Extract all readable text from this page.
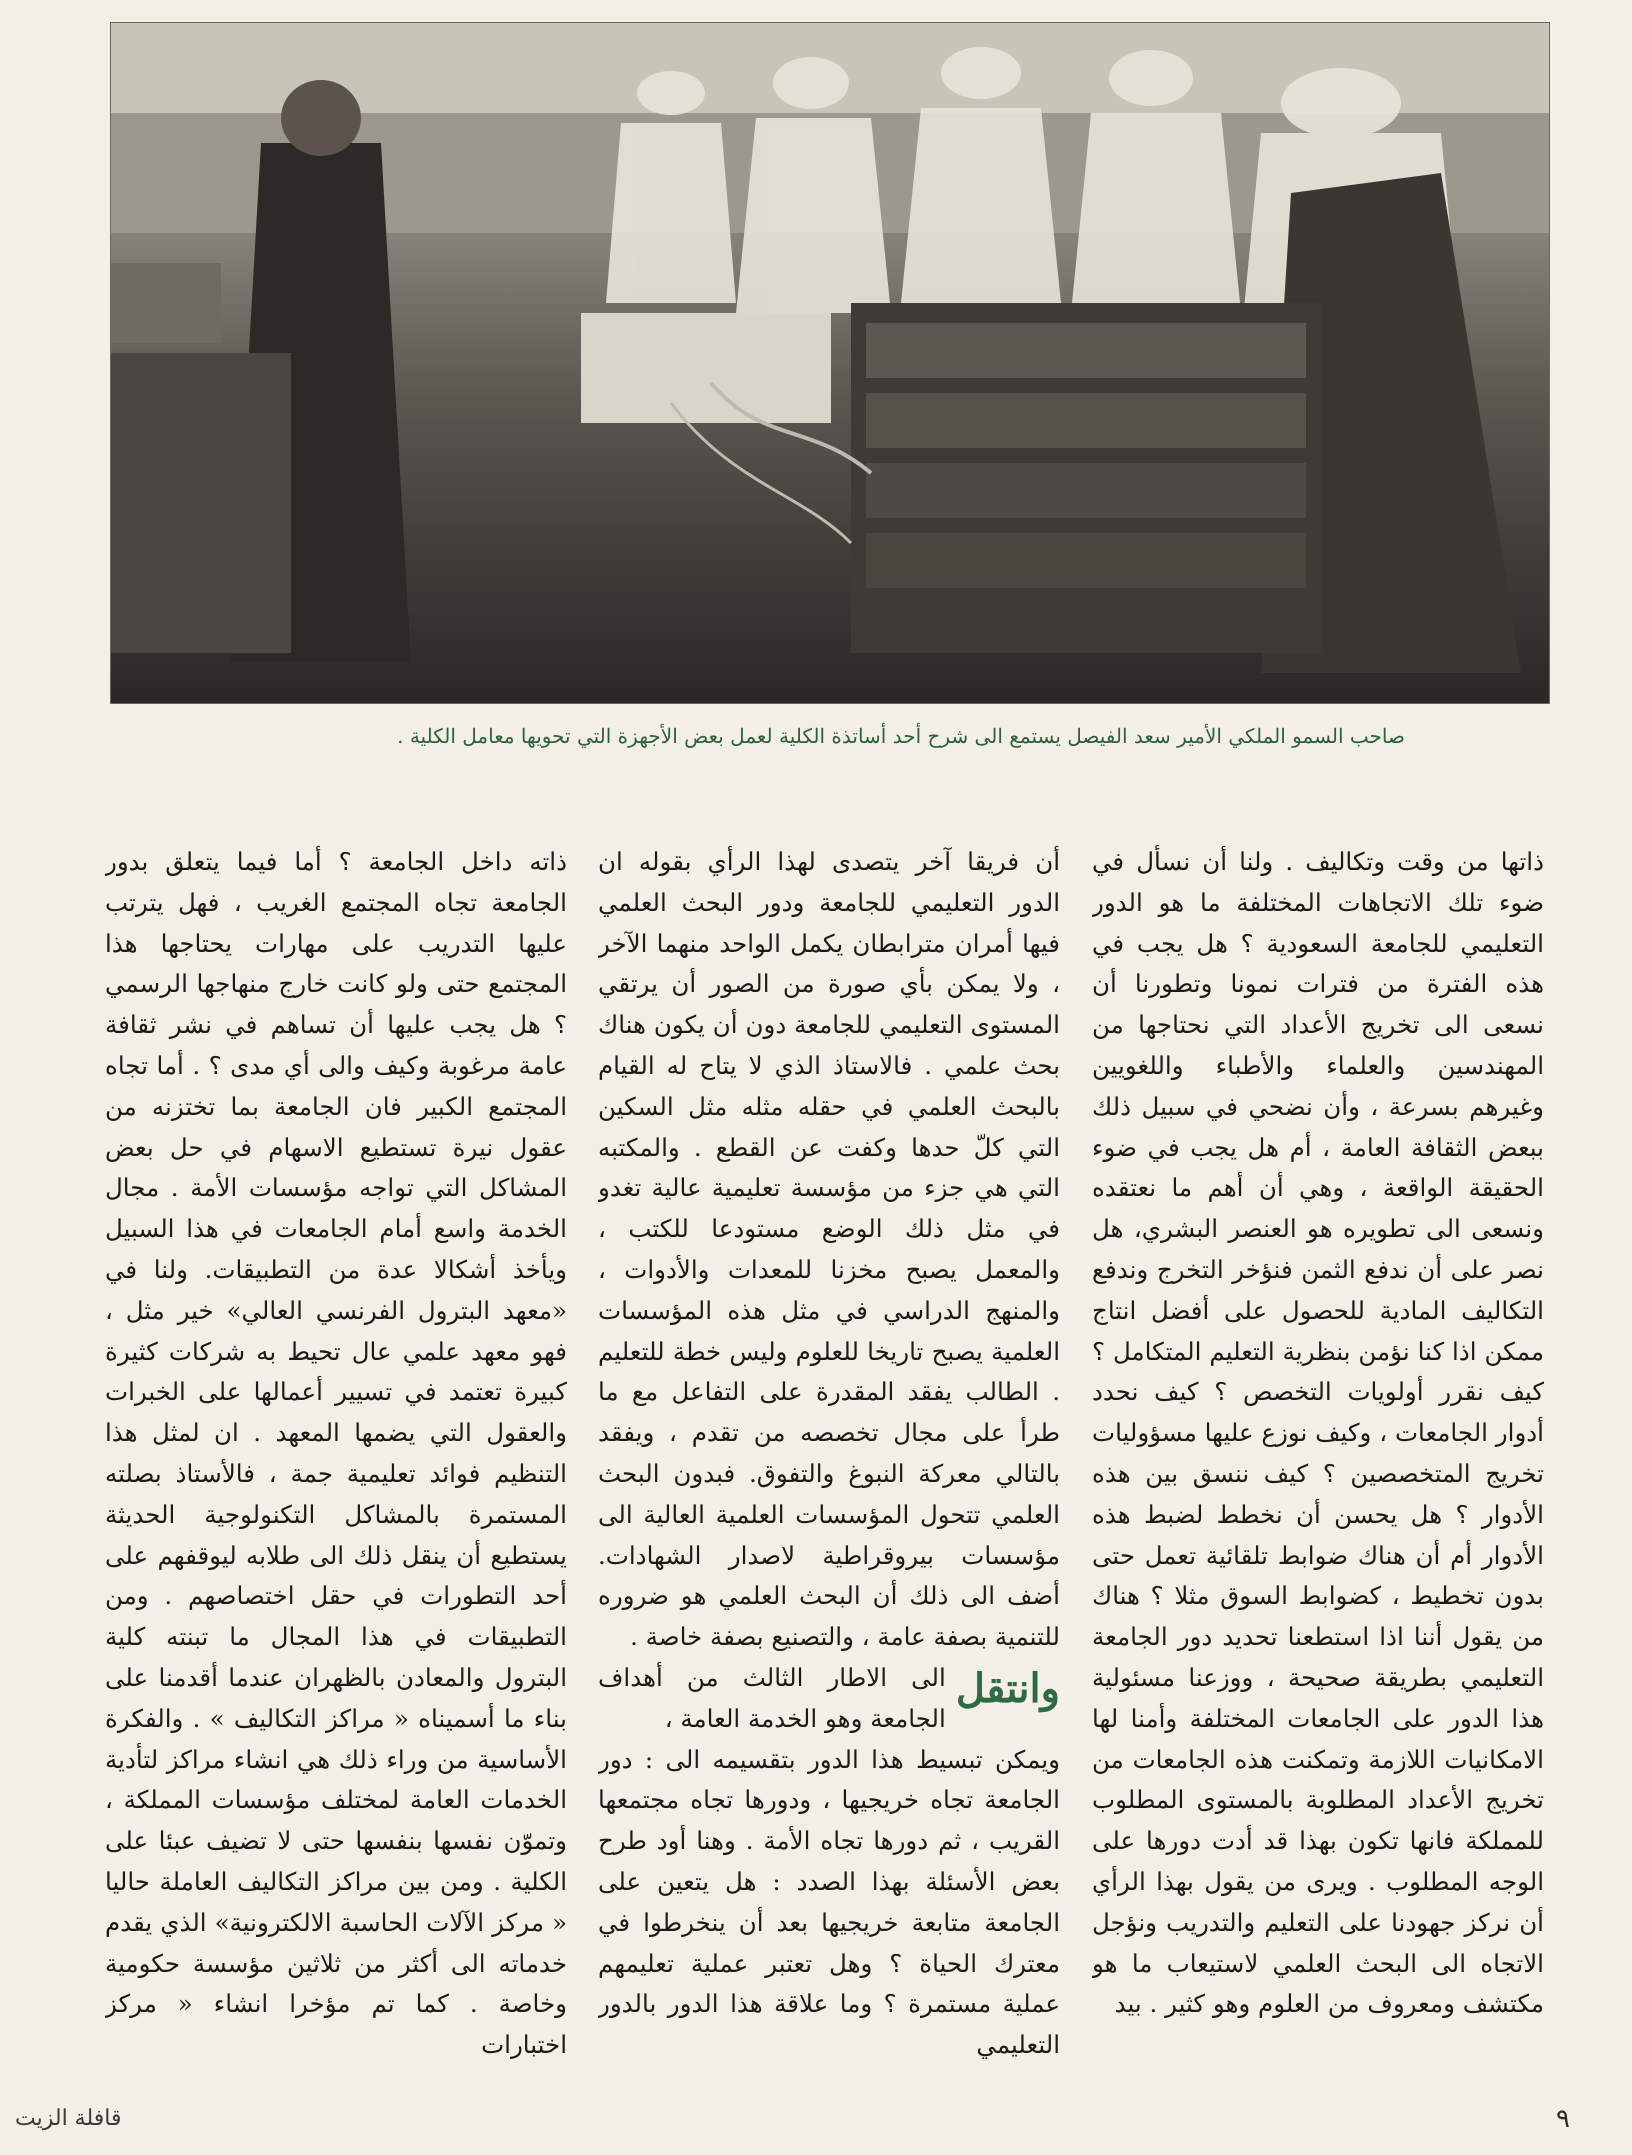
صاحب السمو الملكي الأمير سعد الفيصل يستمع الى شرح أحد أساتذة الكلية لعمل بعض الأجهزة التي تحويها معامل الكلية .

ذاتها من وقت وتكاليف . ولنا أن نسأل في ضوء تلك الاتجاهات المختلفة ما هو الدور التعليمي للجامعة السعودية ؟ هل يجب في هذه الفترة من فترات نمونا وتطورنا أن نسعى الى تخريج الأعداد التي نحتاجها من المهندسين والعلماء والأطباء واللغويين وغيرهم بسرعة ، وأن نضحي في سبيل ذلك ببعض الثقافة العامة ، أم هل يجب في ضوء الحقيقة الواقعة ، وهي أن أهم ما نعتقده ونسعى الى تطويره هو العنصر البشري، هل نصر على أن ندفع الثمن فنؤخر التخرج وندفع التكاليف المادية للحصول على أفضل انتاج ممكن اذا كنا نؤمن بنظرية التعليم المتكامل ؟ كيف نقرر أولويات التخصص ؟ كيف نحدد أدوار الجامعات ، وكيف نوزع عليها مسؤوليات تخريج المتخصصين ؟ كيف ننسق بين هذه الأدوار ؟ هل يحسن أن نخطط لضبط هذه الأدوار أم أن هناك ضوابط تلقائية تعمل حتى بدون تخطيط ، كضوابط السوق مثلا ؟ هناك من يقول أننا اذا استطعنا تحديد دور الجامعة التعليمي بطريقة صحيحة ، ووزعنا مسئولية هذا الدور على الجامعات المختلفة وأمنا لها الامكانيات اللازمة وتمكنت هذه الجامعات من تخريج الأعداد المطلوبة بالمستوى المطلوب للمملكة فانها تكون بهذا قد أدت دورها على الوجه المطلوب . ويرى من يقول بهذا الرأي أن نركز جهودنا على التعليم والتدريب ونؤجل الاتجاه الى البحث العلمي لاستيعاب ما هو مكتشف ومعروف من العلوم وهو كثير . بيد

أن فريقا آخر يتصدى لهذا الرأي بقوله ان الدور التعليمي للجامعة ودور البحث العلمي فيها أمران مترابطان يكمل الواحد منهما الآخر ، ولا يمكن بأي صورة من الصور أن يرتقي المستوى التعليمي للجامعة دون أن يكون هناك بحث علمي . فالاستاذ الذي لا يتاح له القيام بالبحث العلمي في حقله مثله مثل السكين التي كلّ حدها وكفت عن القطع . والمكتبه التي هي جزء من مؤسسة تعليمية عالية تغدو في مثل ذلك الوضع مستودعا للكتب ، والمعمل يصبح مخزنا للمعدات والأدوات ، والمنهج الدراسي في مثل هذه المؤسسات العلمية يصبح تاريخا للعلوم وليس خطة للتعليم . الطالب يفقد المقدرة على التفاعل مع ما طرأ على مجال تخصصه من تقدم ، ويفقد بالتالي معركة النبوغ والتفوق. فبدون البحث العلمي تتحول المؤسسات العلمية العالية الى مؤسسات بيروقراطية لاصدار الشهادات. أضف الى ذلك أن البحث العلمي هو ضروره للتنمية بصفة عامة ، والتصنيع بصفة خاصة .

وانتقل
الى الاطار الثالث من أهداف الجامعة وهو الخدمة العامة ،

ويمكن تبسيط هذا الدور بتقسيمه الى : دور الجامعة تجاه خريجيها ، ودورها تجاه مجتمعها القريب ، ثم دورها تجاه الأمة . وهنا أود طرح بعض الأسئلة بهذا الصدد : هل يتعين على الجامعة متابعة خريجيها بعد أن ينخرطوا في معترك الحياة ؟ وهل تعتبر عملية تعليمهم عملية مستمرة ؟ وما علاقة هذا الدور بالدور التعليمي

ذاته داخل الجامعة ؟ أما فيما يتعلق بدور الجامعة تجاه المجتمع الغريب ، فهل يترتب عليها التدريب على مهارات يحتاجها هذا المجتمع حتى ولو كانت خارج منهاجها الرسمي ؟ هل يجب عليها أن تساهم في نشر ثقافة عامة مرغوبة وكيف والى أي مدى ؟ . أما تجاه المجتمع الكبير فان الجامعة بما تختزنه من عقول نيرة تستطيع الاسهام في حل بعض المشاكل التي تواجه مؤسسات الأمة . مجال الخدمة واسع أمام الجامعات في هذا السبيل ويأخذ أشكالا عدة من التطبيقات. ولنا في «معهد البترول الفرنسي العالي» خير مثل ، فهو معهد علمي عال تحيط به شركات كثيرة كبيرة تعتمد في تسيير أعمالها على الخبرات والعقول التي يضمها المعهد . ان لمثل هذا التنظيم فوائد تعليمية جمة ، فالأستاذ بصلته المستمرة بالمشاكل التكنولوجية الحديثة يستطيع أن ينقل ذلك الى طلابه ليوقفهم على أحد التطورات في حقل اختصاصهم . ومن التطبيقات في هذا المجال ما تبنته كلية البترول والمعادن بالظهران عندما أقدمنا على بناء ما أسميناه « مراكز التكاليف » . والفكرة الأساسية من وراء ذلك هي انشاء مراكز لتأدية الخدمات العامة لمختلف مؤسسات المملكة ، وتموّن نفسها بنفسها حتى لا تضيف عبئا على الكلية . ومن بين مراكز التكاليف العاملة حاليا « مركز الآلات الحاسبة الالكترونية» الذي يقدم خدماته الى أكثر من ثلاثين مؤسسة حكومية وخاصة . كما تم مؤخرا انشاء « مركز اختبارات

٩
قافلة الزيت
